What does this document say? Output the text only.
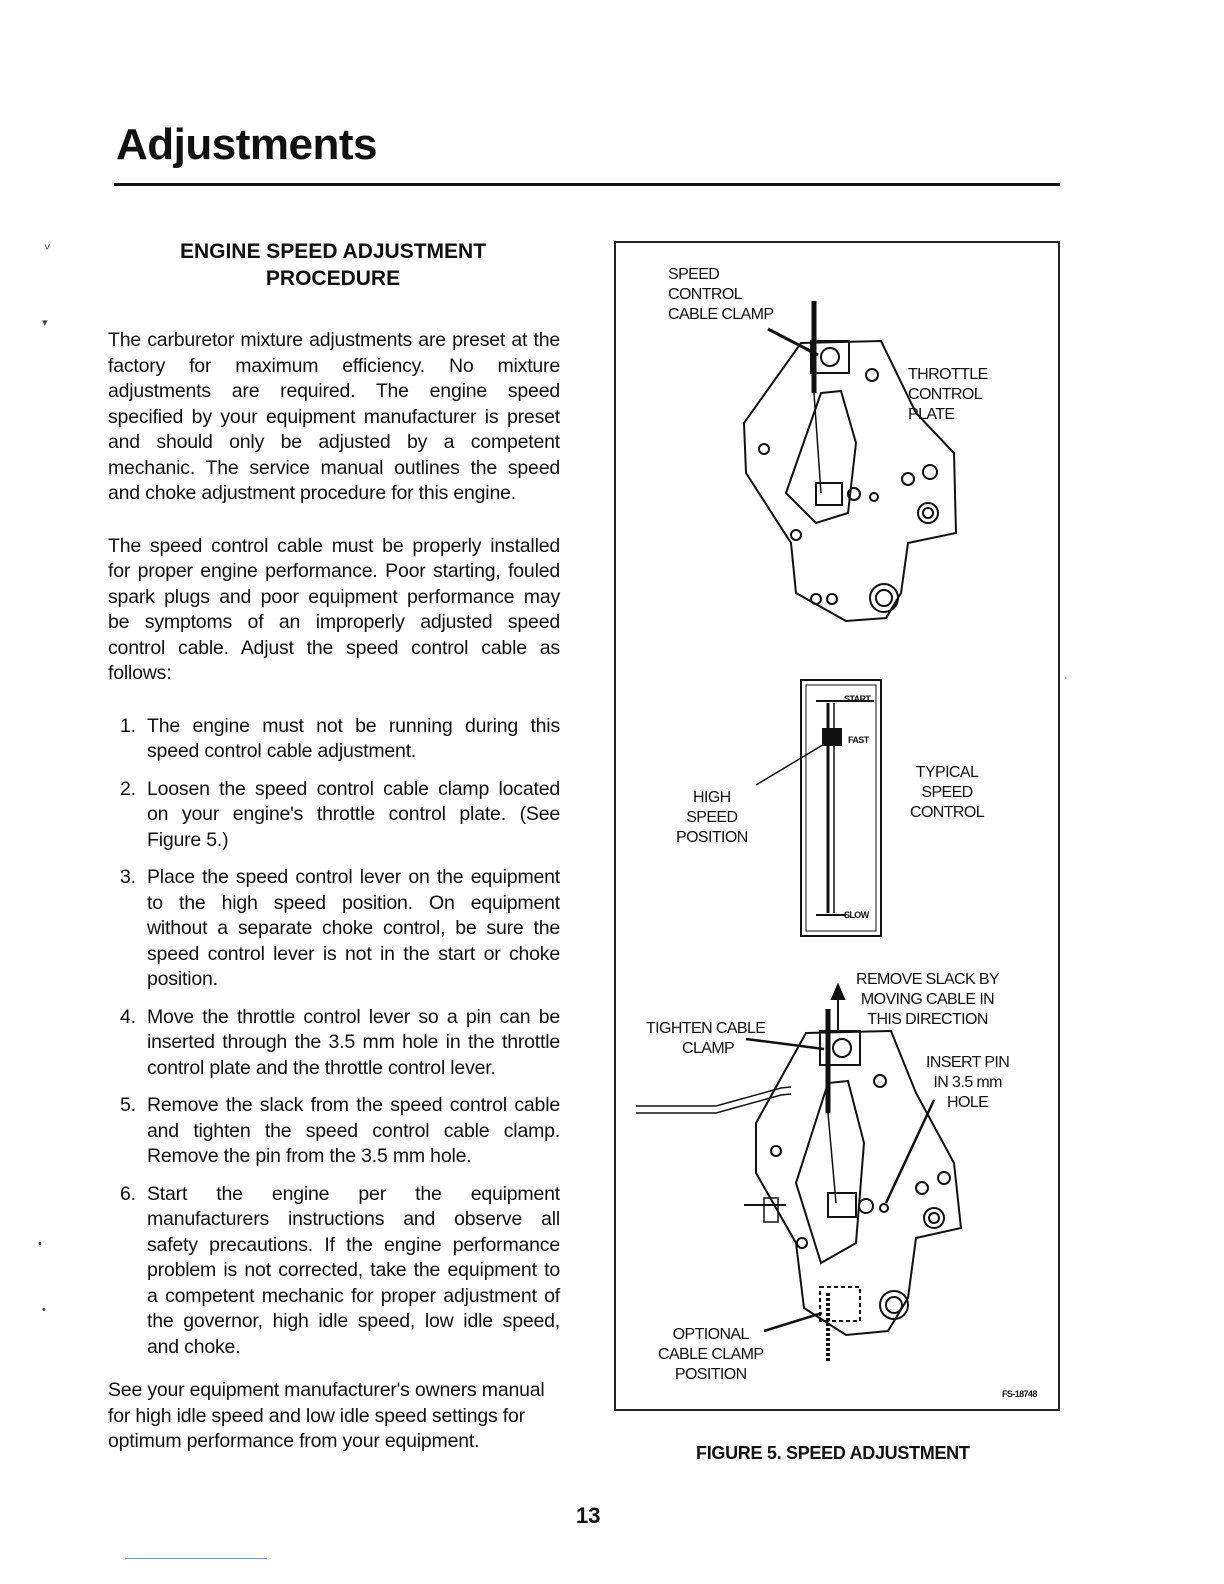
Adjustments
˅
▾
•
•
·
ENGINE SPEED ADJUSTMENT
PROCEDURE

The carburetor mixture adjustments are preset at the factory for maximum efficiency. No mixture adjustments are required. The engine speed specified by your equipment manufacturer is preset and should only be adjusted by a competent mechanic. The service manual outlines the speed and choke adjustment procedure for this engine.

The speed control cable must be properly installed for proper engine performance. Poor starting, fouled spark plugs and poor equipment performance may be symptoms of an improperly adjusted speed control cable. Adjust the speed control cable as follows:

1. The engine must not be running during this speed control cable adjustment.
2. Loosen the speed control cable clamp located on your engine's throttle control plate. (See Figure 5.)
3. Place the speed control lever on the equipment to the high speed position. On equipment without a separate choke control, be sure the speed control lever is not in the start or choke position.
4. Move the throttle control lever so a pin can be inserted through the 3.5 mm hole in the throttle control plate and the throttle control lever.
5. Remove the slack from the speed control cable and tighten the speed control cable clamp. Remove the pin from the 3.5 mm hole.
6. Start the engine per the equipment manufacturers instructions and observe all safety precautions. If the engine performance problem is not corrected, take the equipment to a competent mechanic for proper adjustment of the governor, high idle speed, low idle speed, and choke.

See your equipment manufacturer's owners manual for high idle speed and low idle speed settings for optimum performance from your equipment.

SPEED
CONTROL
CABLE CLAMP
THROTTLE
CONTROL
PLATE
START
FAST
SLOW
HIGH
SPEED
POSITION
TYPICAL
SPEED
CONTROL
REMOVE SLACK BY
MOVING CABLE IN
THIS DIRECTION
TIGHTEN CABLE
CLAMP
INSERT PIN
IN 3.5 mm
HOLE
OPTIONAL
CABLE CLAMP
POSITION
FS-18748
FIGURE 5. SPEED ADJUSTMENT
13
